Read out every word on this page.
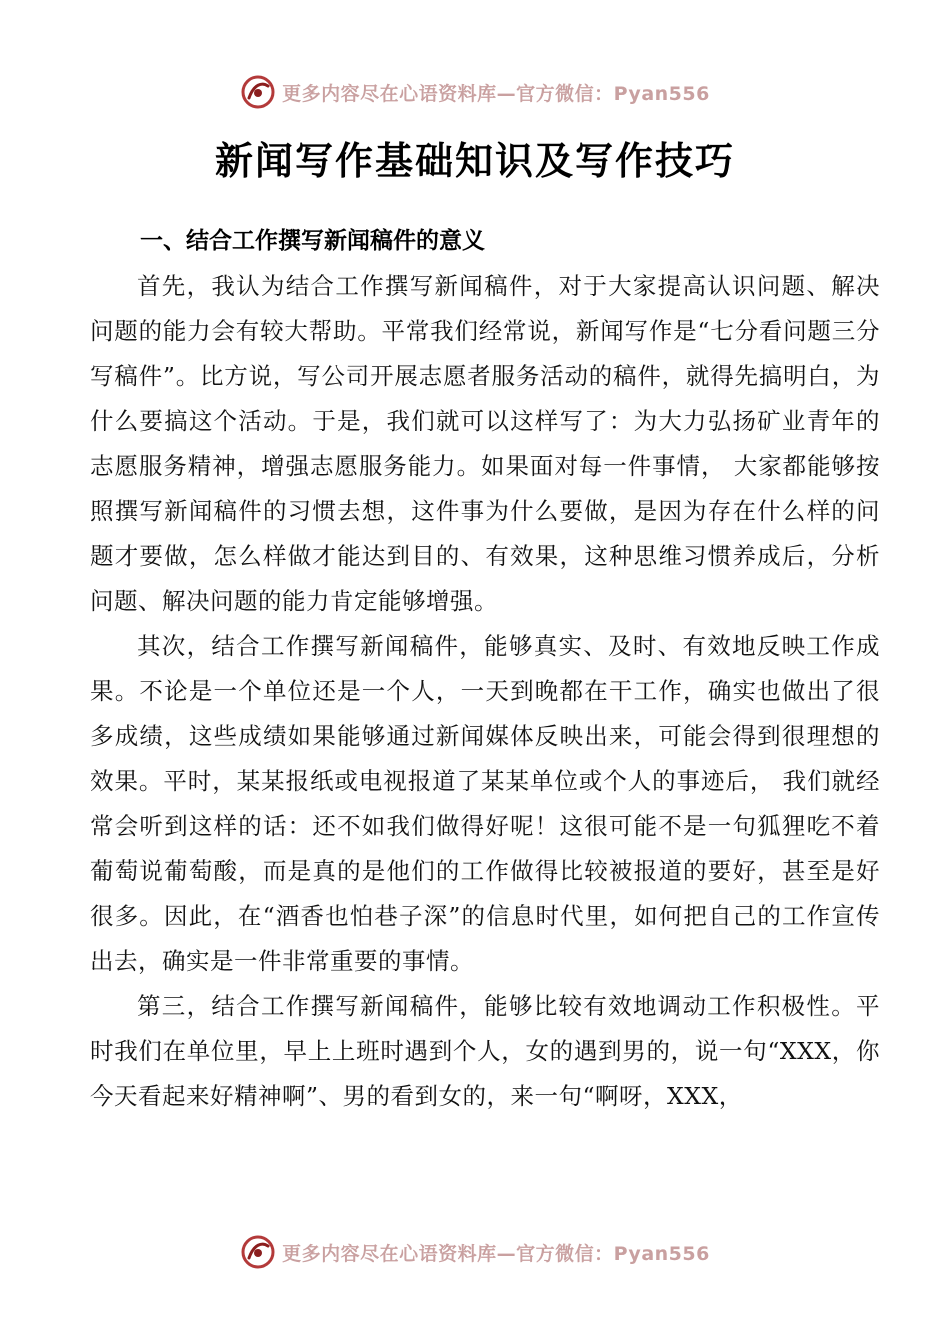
更多内容尽在心语资料库—官方微信：Pyan556
新闻写作基础知识及写作技巧
一、结合工作撰写新闻稿件的意义

首先，我认为结合工作撰写新闻稿件，对于大家提高认识问题、解决问题的能力会有较大帮助。平常我们经常说，新闻写作是“七分看问题三分写稿件”。比方说，写公司开展志愿者服务活动的稿件，就得先搞明白，为什么要搞这个活动。于是，我们就可以这样写了：为大力弘扬矿业青年的志愿服务精神，增强志愿服务能力。如果面对每一件事情， 大家都能够按照撰写新闻稿件的习惯去想，这件事为什么要做，是因为存在什么样的问题才要做，怎么样做才能达到目的、有效果，这种思维习惯养成后，分析问题、解决问题的能力肯定能够增强。

其次，结合工作撰写新闻稿件，能够真实、及时、有效地反映工作成果。不论是一个单位还是一个人，一天到晚都在干工作，确实也做出了很多成绩，这些成绩如果能够通过新闻媒体反映出来，可能会得到很理想的效果。平时，某某报纸或电视报道了某某单位或个人的事迹后， 我们就经常会听到这样的话：还不如我们做得好呢！这很可能不是一句狐狸吃不着葡萄说葡萄酸，而是真的是他们的工作做得比较被报道的要好，甚至是好很多。因此，在“酒香也怕巷子深”的信息时代里，如何把自己的工作宣传出去，确实是一件非常重要的事情。

第三，结合工作撰写新闻稿件，能够比较有效地调动工作积极性。平时我们在单位里，早上上班时遇到个人，女的遇到男的，说一句“XXX，你今天看起来好精神啊”、男的看到女的，来一句“啊呀，XXX，

更多内容尽在心语资料库—官方微信：Pyan556
